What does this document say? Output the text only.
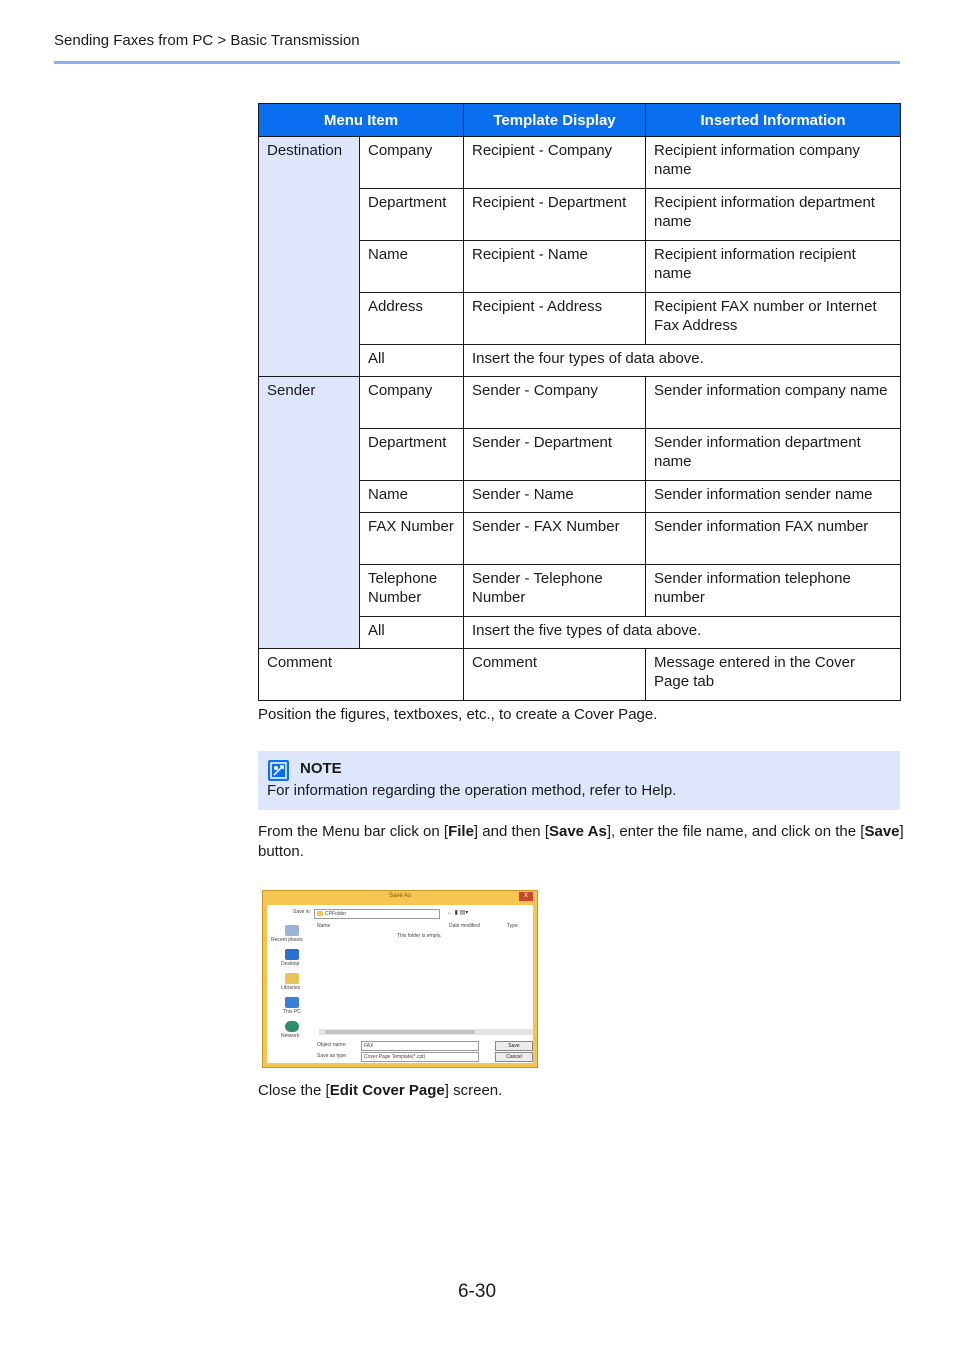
Sending Faxes from PC > Basic Transmission
Menu Item		Template Display	Inserted Information
Destination	Company	Recipient - Company	Recipient information company name
	Department	Recipient - Department	Recipient information department name
	Name	Recipient - Name	Recipient information recipient name
	Address	Recipient - Address	Recipient FAX number or Internet Fax Address
	All	Insert the four types of data above.	
Sender	Company	Sender - Company	Sender information company name
	Department	Sender - Department	Sender information department name
	Name	Sender - Name	Sender information sender name
	FAX Number	Sender - FAX Number	Sender information FAX number
	Telephone Number	Sender - Telephone Number	Sender information telephone number
	All	Insert the five types of data above.	
Comment		Comment	Message entered in the Cover Page tab
Position the figures, textboxes, etc., to create a Cover Page.
NOTE
For information regarding the operation method, refer to Help.
From the Menu bar click on [File] and then [Save As], enter the file name, and click on the [Save] button.
Save As	X
Save in:	CPFolder	← ▮ ▤▾
Name	Date modified	Type
This folder is empty.
Recent places
Desktop
Libraries
This PC
Network
Object name:	FAX
Save as type:	Cover Page Template(*.cpt)
Save
Cancel
Close the [Edit Cover Page] screen.
6-30
